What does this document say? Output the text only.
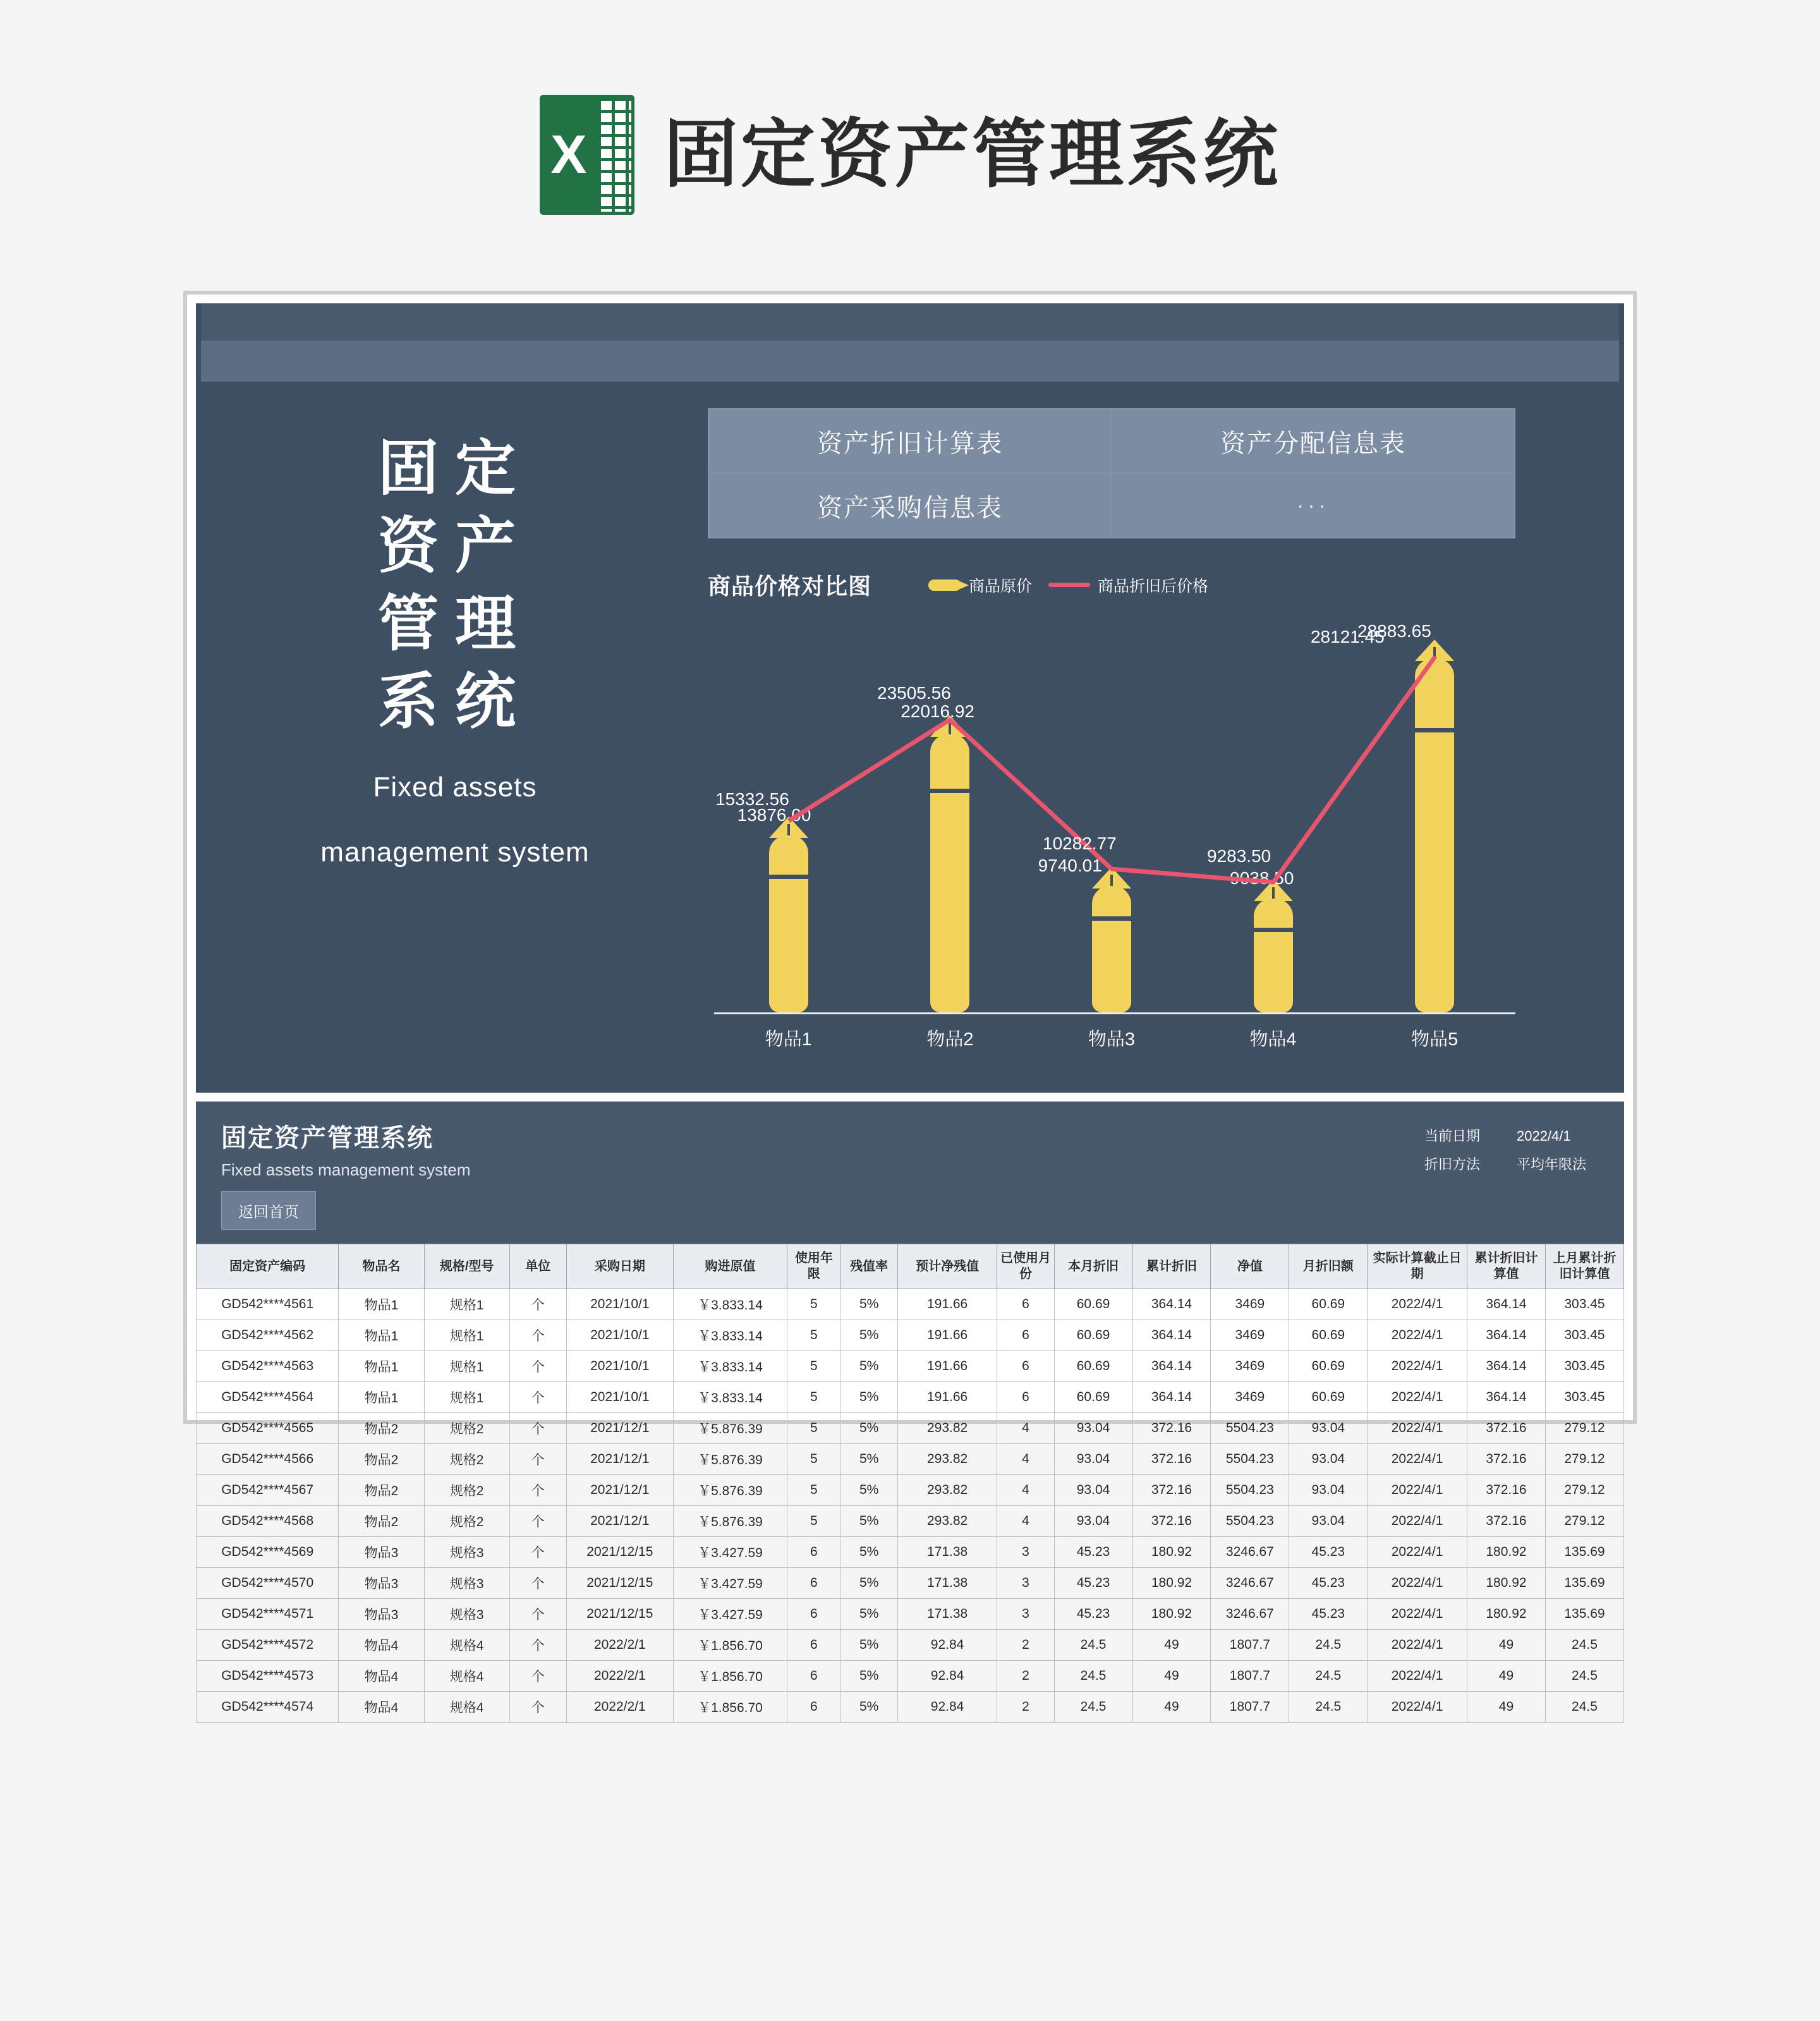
X 固定资产管理系统
固定
资产
管理
系统
Fixed assets
management system
资产折旧计算表	资产分配信息表
资产采购信息表	···
商品价格对比图	商品原价	商品折旧后价格
13876.00
22016.92
9740.01
9038.50
28121.45
15332.56
23505.56
10282.77
9283.50
28883.65
物品1	物品2	物品3	物品4	物品5
固定资产管理系统
Fixed assets management system
当前日期	2022/4/1
折旧方法	平均年限法
返回首页
固定资产编码	物品名	规格/型号	单位	采购日期	购进原值	使用年限	残值率	预计净残值	已使用月份	本月折旧	累计折旧	净值	月折旧额	实际计算截止日期	累计折旧计算值	上月累计折旧计算值
GD542****4561	物品1	规格1	个	2021/10/1	￥3.833.14	5	5%	191.66	6	60.69	364.14	3469	60.69	2022/4/1	364.14	303.45
GD542****4562	物品1	规格1	个	2021/10/1	￥3.833.14	5	5%	191.66	6	60.69	364.14	3469	60.69	2022/4/1	364.14	303.45
GD542****4563	物品1	规格1	个	2021/10/1	￥3.833.14	5	5%	191.66	6	60.69	364.14	3469	60.69	2022/4/1	364.14	303.45
GD542****4564	物品1	规格1	个	2021/10/1	￥3.833.14	5	5%	191.66	6	60.69	364.14	3469	60.69	2022/4/1	364.14	303.45
GD542****4565	物品2	规格2	个	2021/12/1	￥5.876.39	5	5%	293.82	4	93.04	372.16	5504.23	93.04	2022/4/1	372.16	279.12
GD542****4566	物品2	规格2	个	2021/12/1	￥5.876.39	5	5%	293.82	4	93.04	372.16	5504.23	93.04	2022/4/1	372.16	279.12
GD542****4567	物品2	规格2	个	2021/12/1	￥5.876.39	5	5%	293.82	4	93.04	372.16	5504.23	93.04	2022/4/1	372.16	279.12
GD542****4568	物品2	规格2	个	2021/12/1	￥5.876.39	5	5%	293.82	4	93.04	372.16	5504.23	93.04	2022/4/1	372.16	279.12
GD542****4569	物品3	规格3	个	2021/12/15	￥3.427.59	6	5%	171.38	3	45.23	180.92	3246.67	45.23	2022/4/1	180.92	135.69
GD542****4570	物品3	规格3	个	2021/12/15	￥3.427.59	6	5%	171.38	3	45.23	180.92	3246.67	45.23	2022/4/1	180.92	135.69
GD542****4571	物品3	规格3	个	2021/12/15	￥3.427.59	6	5%	171.38	3	45.23	180.92	3246.67	45.23	2022/4/1	180.92	135.69
GD542****4572	物品4	规格4	个	2022/2/1	￥1.856.70	6	5%	92.84	2	24.5	49	1807.7	24.5	2022/4/1	49	24.5
GD542****4573	物品4	规格4	个	2022/2/1	￥1.856.70	6	5%	92.84	2	24.5	49	1807.7	24.5	2022/4/1	49	24.5
GD542****4574	物品4	规格4	个	2022/2/1	￥1.856.70	6	5%	92.84	2	24.5	49	1807.7	24.5	2022/4/1	49	24.5
